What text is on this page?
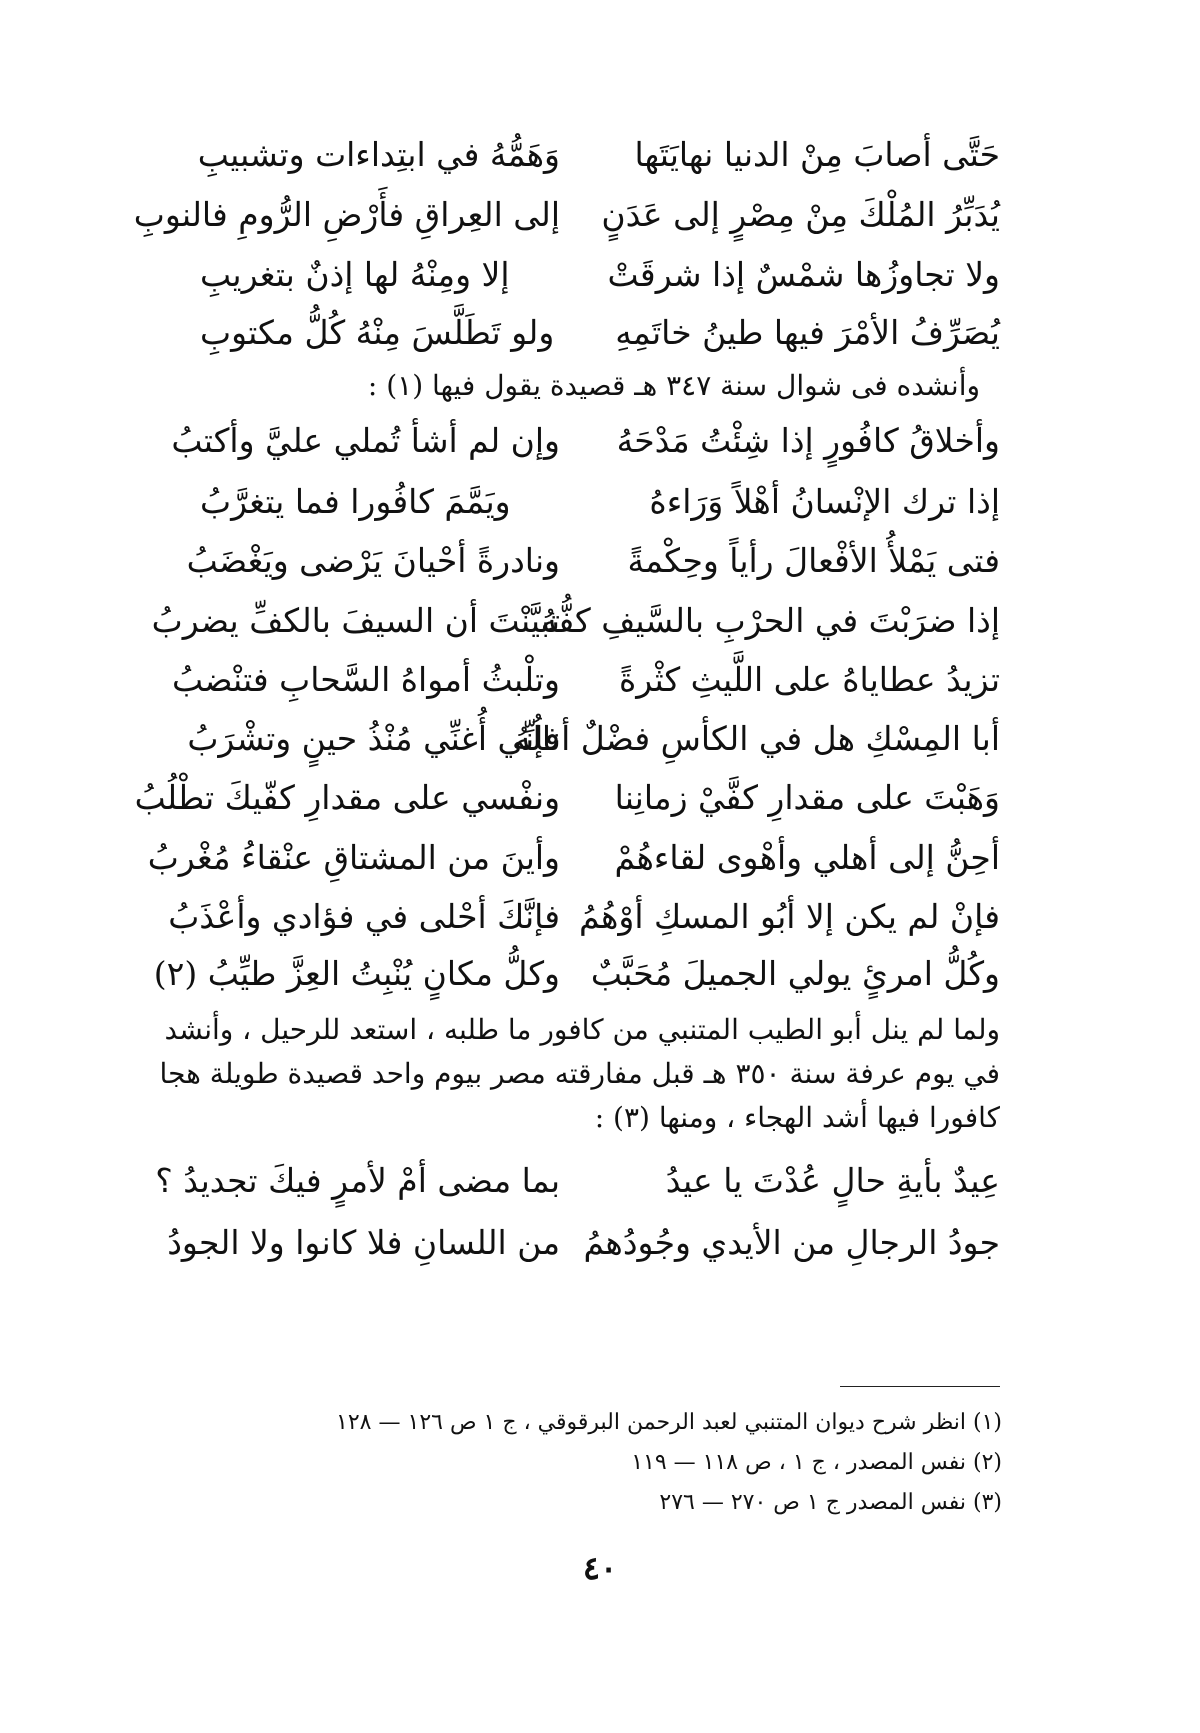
حَتَّى أصابَ مِنْ الدنيا نهايَتَها
وَهَمُّهُ في ابتِداءات وتشبيبِ
يُدَبِّرُ المُلْكَ مِنْ مِصْرٍ إلى عَدَنٍ
إلى العِراقِ فأَرْضِ الرُّومِ فالنوبِ
ولا تجاوزُها شمْسٌ إذا شرقَتْ
إلا ومِنْهُ لها إذنٌ بتغريبِ
يُصَرِّفُ الأمْرَ فيها طينُ خاتَمِهِ
ولو تَطَلَّسَ مِنْهُ كُلُّ مكتوبِ
وأنشده فى شوال سنة ٣٤٧ هـ قصيدة يقول فيها (١) :
وأخلاقُ كافُورٍ إذا شِئْتُ مَدْحَهُ
وإن لم أشأ تُملي عليَّ وأكتبُ
إذا ترك الإنْسانُ أهْلاً وَرَاءهُ
ويَمَّمَ كافُورا فما يتغرَّبُ
فتى يَمْلأُ الأفْعالَ رأياً وحِكْمةً
ونادرةً أحْيانَ يَرْضى ويَغْضَبُ
إذا ضرَبْتَ في الحرْبِ بالسَّيفِ كفُّهُ
تبيَّنْتَ أن السيفَ بالكفِّ يضربُ
تزيدُ عطاياهُ على اللَّيثِ كثْرةً
وتلْبثُ أمواهُ السَّحابِ فتنْضبُ
أبا المِسْكِ هل في الكأسِ فضْلٌ أنالُهُ
فإنِّي أُغنِّي مُنْذُ حينٍ وتشْرَبُ
وَهَبْتَ على مقدارِ كفَّيْ زمانِنا
ونفْسي على مقدارِ كفّيكَ تطْلُبُ
أحِنُّ إلى أهلي وأهْوى لقاءهُمْ
وأينَ من المشتاقِ عنْقاءُ مُغْربُ
فإنْ لم يكن إلا أبُو المسكِ أوْهُمُ
فإنَّكَ أحْلى في فؤادي وأعْذَبُ
وكُلُّ امرئٍ يولي الجميلَ مُحَبَّبٌ
وكلُّ مكانٍ يُنْبِتُ العِزَّ طيِّبُ (٢)
ولما لم ينل أبو الطيب المتنبي من كافور ما طلبه ، استعد للرحيل ، وأنشد
في يوم عرفة سنة ٣٥٠ هـ قبل مفارقته مصر بيوم واحد قصيدة طويلة هجا
كافورا فيها أشد الهجاء ، ومنها (٣) :
عِيدٌ بأيةِ حالٍ عُدْتَ يا عيدُ
بما مضى أمْ لأمرٍ فيكَ تجديدُ ؟
جودُ الرجالِ من الأيدي وجُودُهمُ
من اللسانِ فلا كانوا ولا الجودُ
(١) انظر شرح ديوان المتنبي لعبد الرحمن البرقوقي ، ج ١ ص ١٢٦ — ١٢٨
(٢) نفس المصدر ، ج ١ ، ص ١١٨ — ١١٩
(٣) نفس المصدر ج ١ ص ٢٧٠ — ٢٧٦
٤٠
